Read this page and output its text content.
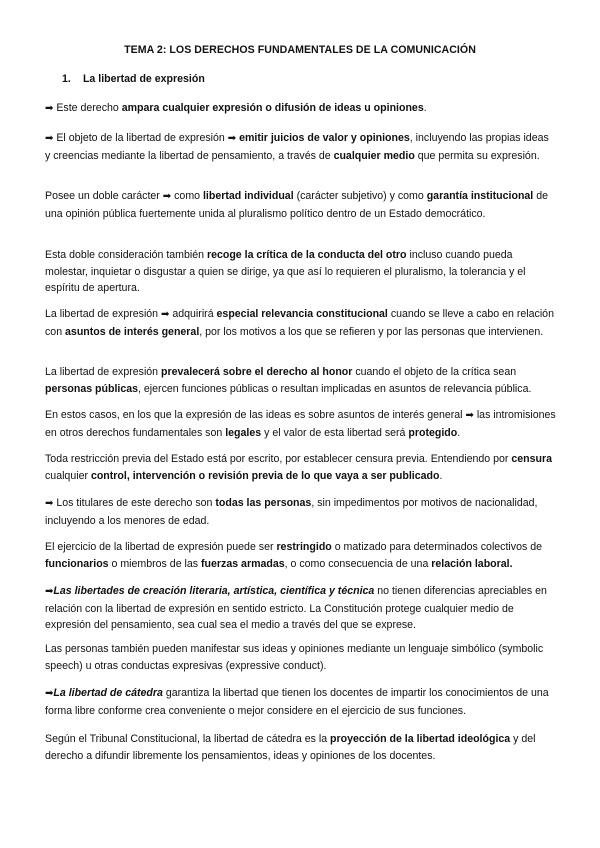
TEMA 2: LOS DERECHOS FUNDAMENTALES DE LA COMUNICACIÓN
1. La libertad de expresión

➡ Este derecho ampara cualquier expresión o difusión de ideas u opiniones.

➡ El objeto de la libertad de expresión ➡ emitir juicios de valor y opiniones, incluyendo las propias ideas y creencias mediante la libertad de pensamiento, a través de cualquier medio que permita su expresión.

Posee un doble carácter ➡ como libertad individual (carácter subjetivo) y como garantía institucional de una opinión pública fuertemente unida al pluralismo político dentro de un Estado democrático.

Esta doble consideración también recoge la crítica de la conducta del otro incluso cuando pueda molestar, inquietar o disgustar a quien se dirige, ya que así lo requieren el pluralismo, la tolerancia y el espíritu de apertura.

La libertad de expresión ➡ adquirirá especial relevancia constitucional cuando se lleve a cabo en relación con asuntos de interés general, por los motivos a los que se refieren y por las personas que intervienen.

La libertad de expresión prevalecerá sobre el derecho al honor cuando el objeto de la crítica sean personas públicas, ejercen funciones públicas o resultan implicadas en asuntos de relevancia pública.

En estos casos, en los que la expresión de las ideas es sobre asuntos de interés general ➡ las intromisiones en otros derechos fundamentales son legales y el valor de esta libertad será protegido.

Toda restricción previa del Estado está por escrito, por establecer censura previa. Entendiendo por censura cualquier control, intervención o revisión previa de lo que vaya a ser publicado.

➡ Los titulares de este derecho son todas las personas, sin impedimentos por motivos de nacionalidad, incluyendo a los menores de edad.

El ejercicio de la libertad de expresión puede ser restringido o matizado para determinados colectivos de funcionarios o miembros de las fuerzas armadas, o como consecuencia de una relación laboral.

➡Las libertades de creación literaria, artística, científica y técnica no tienen diferencias apreciables en relación con la libertad de expresión en sentido estricto. La Constitución protege cualquier medio de expresión del pensamiento, sea cual sea el medio a través del que se exprese.

Las personas también pueden manifestar sus ideas y opiniones mediante un lenguaje simbólico (symbolic speech) u otras conductas expresivas (expressive conduct).

➡La libertad de cátedra garantiza la libertad que tienen los docentes de impartir los conocimientos de una forma libre conforme crea conveniente o mejor considere en el ejercicio de sus funciones.

Según el Tribunal Constitucional, la libertad de cátedra es la proyección de la libertad ideológica y del derecho a difundir libremente los pensamientos, ideas y opiniones de los docentes.
